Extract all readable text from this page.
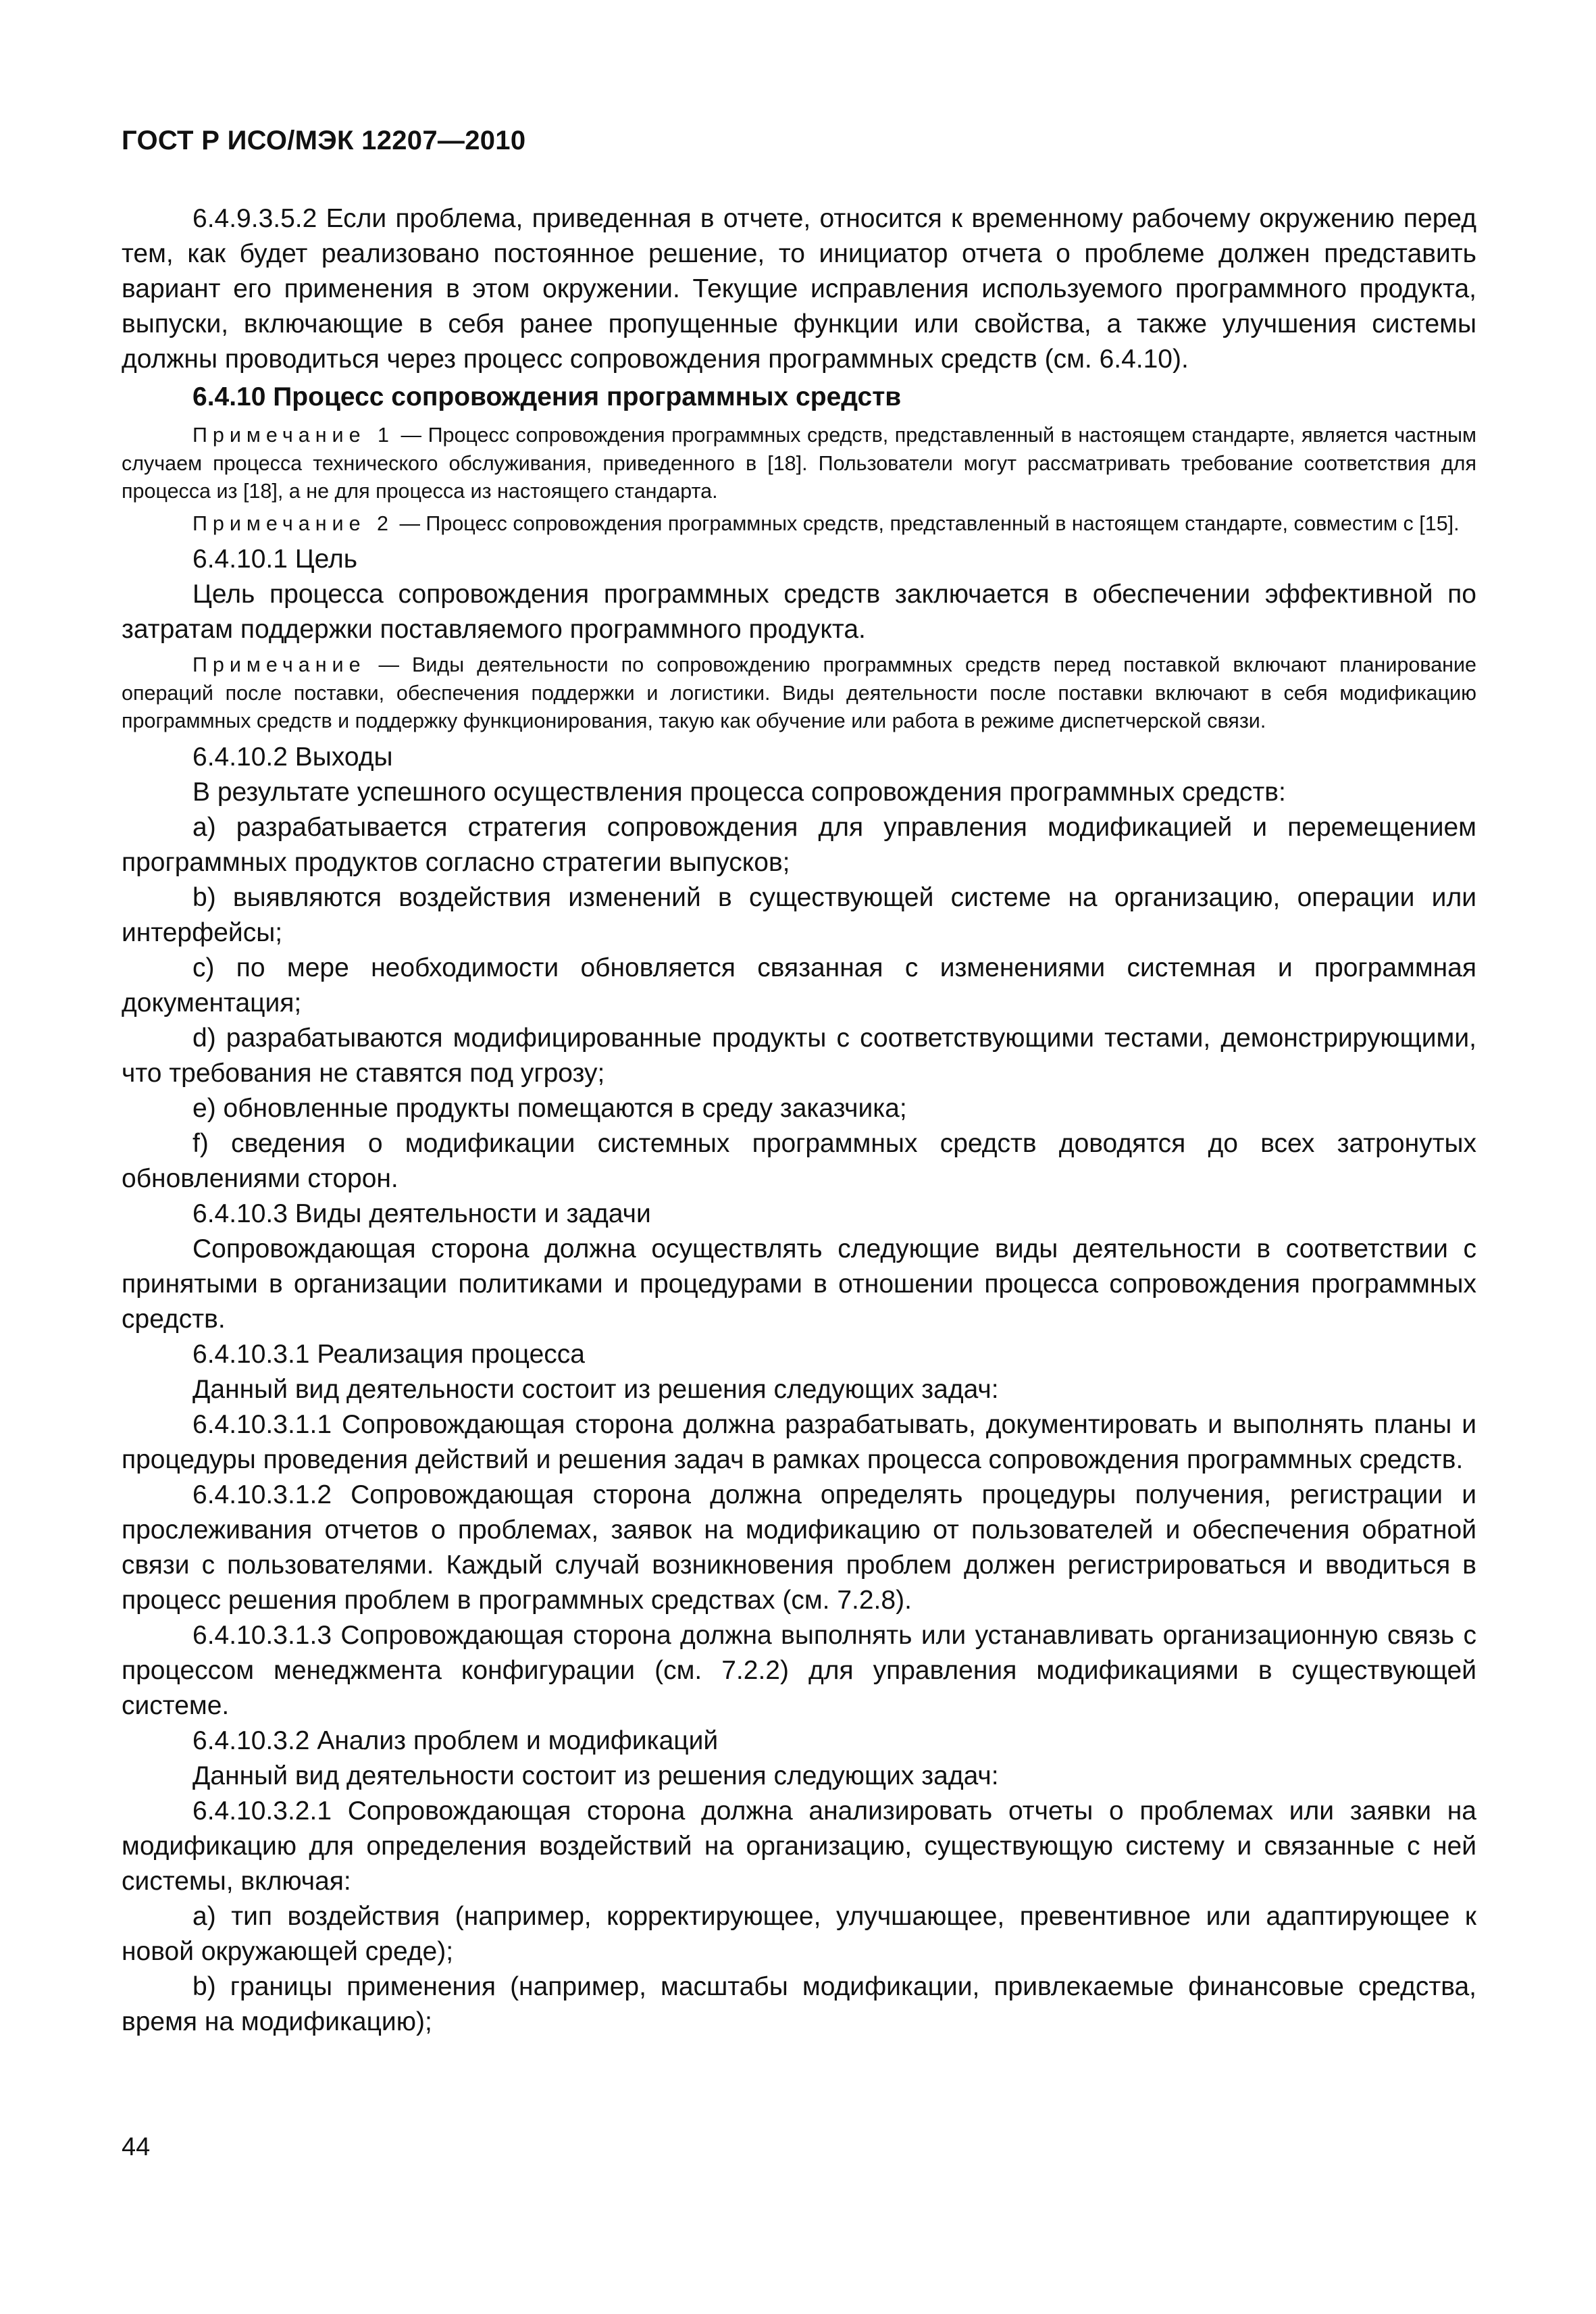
ГОСТ Р ИСО/МЭК 12207—2010

6.4.9.3.5.2 Если проблема, приведенная в отчете, относится к временному рабочему окружению перед тем, как будет реализовано постоянное решение, то инициатор отчета о проблеме должен представить вариант его применения в этом окружении. Текущие исправления используемого программного продукта, выпуски, включающие в себя ранее пропущенные функции или свойства, а также улучшения системы должны проводиться через процесс сопровождения программных средств (см. 6.4.10).

6.4.10 Процесс сопровождения программных средств

Примечание 1 — Процесс сопровождения программных средств, представленный в настоящем стандарте, является частным случаем процесса технического обслуживания, приведенного в [18]. Пользователи могут рассматривать требование соответствия для процесса из [18], а не для процесса из настоящего стандарта.

Примечание 2 — Процесс сопровождения программных средств, представленный в настоящем стандарте, совместим с [15].

6.4.10.1 Цель

Цель процесса сопровождения программных средств заключается в обеспечении эффективной по затратам поддержки поставляемого программного продукта.

Примечание — Виды деятельности по сопровождению программных средств перед поставкой включают планирование операций после поставки, обеспечения поддержки и логистики. Виды деятельности после поставки включают в себя модификацию программных средств и поддержку функционирования, такую как обучение или работа в режиме диспетчерской связи.

6.4.10.2 Выходы

В результате успешного осуществления процесса сопровождения программных средств:

a) разрабатывается стратегия сопровождения для управления модификацией и перемещением программных продуктов согласно стратегии выпусков;

b) выявляются воздействия изменений в существующей системе на организацию, операции или интерфейсы;

c) по мере необходимости обновляется связанная с изменениями системная и программная документация;

d) разрабатываются модифицированные продукты с соответствующими тестами, демонстрирующими, что требования не ставятся под угрозу;

e) обновленные продукты помещаются в среду заказчика;

f) сведения о модификации системных программных средств доводятся до всех затронутых обновлениями сторон.

6.4.10.3 Виды деятельности и задачи

Сопровождающая сторона должна осуществлять следующие виды деятельности в соответствии с принятыми в организации политиками и процедурами в отношении процесса сопровождения программных средств.

6.4.10.3.1 Реализация процесса

Данный вид деятельности состоит из решения следующих задач:

6.4.10.3.1.1 Сопровождающая сторона должна разрабатывать, документировать и выполнять планы и процедуры проведения действий и решения задач в рамках процесса сопровождения программных средств.

6.4.10.3.1.2 Сопровождающая сторона должна определять процедуры получения, регистрации и прослеживания отчетов о проблемах, заявок на модификацию от пользователей и обеспечения обратной связи с пользователями. Каждый случай возникновения проблем должен регистрироваться и вводиться в процесс решения проблем в программных средствах (см. 7.2.8).

6.4.10.3.1.3 Сопровождающая сторона должна выполнять или устанавливать организационную связь с процессом менеджмента конфигурации (см. 7.2.2) для управления модификациями в существующей системе.

6.4.10.3.2 Анализ проблем и модификаций

Данный вид деятельности состоит из решения следующих задач:

6.4.10.3.2.1 Сопровождающая сторона должна анализировать отчеты о проблемах или заявки на модификацию для определения воздействий на организацию, существующую систему и связанные с ней системы, включая:

a) тип воздействия (например, корректирующее, улучшающее, превентивное или адаптирующее к новой окружающей среде);

b) границы применения (например, масштабы модификации, привлекаемые финансовые средства, время на модификацию);

44
